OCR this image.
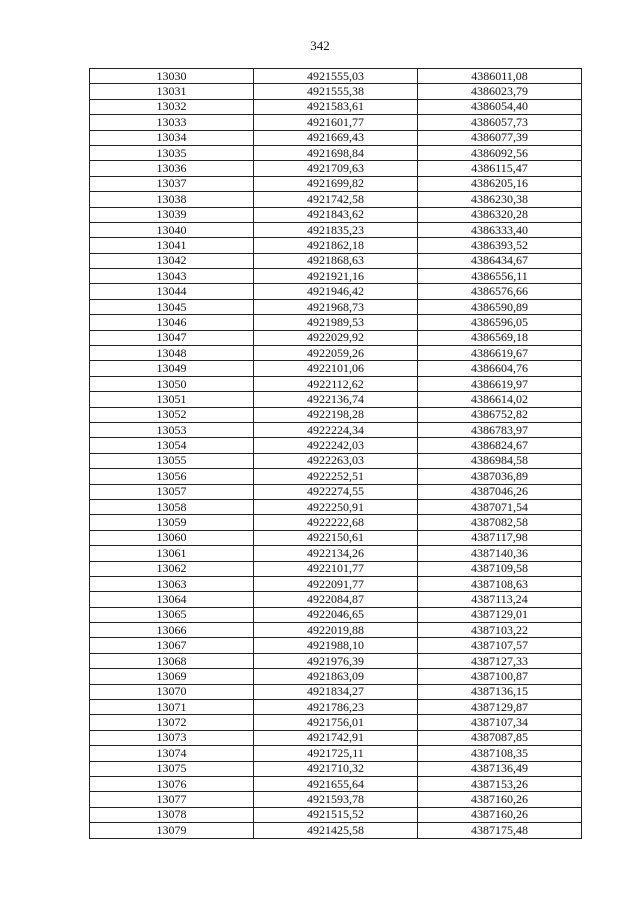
342
13030	4921555,03	4386011,08
13031	4921555,38	4386023,79
13032	4921583,61	4386054,40
13033	4921601,77	4386057,73
13034	4921669,43	4386077,39
13035	4921698,84	4386092,56
13036	4921709,63	4386115,47
13037	4921699,82	4386205,16
13038	4921742,58	4386230,38
13039	4921843,62	4386320,28
13040	4921835,23	4386333,40
13041	4921862,18	4386393,52
13042	4921868,63	4386434,67
13043	4921921,16	4386556,11
13044	4921946,42	4386576,66
13045	4921968,73	4386590,89
13046	4921989,53	4386596,05
13047	4922029,92	4386569,18
13048	4922059,26	4386619,67
13049	4922101,06	4386604,76
13050	4922112,62	4386619,97
13051	4922136,74	4386614,02
13052	4922198,28	4386752,82
13053	4922224,34	4386783,97
13054	4922242,03	4386824,67
13055	4922263,03	4386984,58
13056	4922252,51	4387036,89
13057	4922274,55	4387046,26
13058	4922250,91	4387071,54
13059	4922222,68	4387082,58
13060	4922150,61	4387117,98
13061	4922134,26	4387140,36
13062	4922101,77	4387109,58
13063	4922091,77	4387108,63
13064	4922084,87	4387113,24
13065	4922046,65	4387129,01
13066	4922019,88	4387103,22
13067	4921988,10	4387107,57
13068	4921976,39	4387127,33
13069	4921863,09	4387100,87
13070	4921834,27	4387136,15
13071	4921786,23	4387129,87
13072	4921756,01	4387107,34
13073	4921742,91	4387087,85
13074	4921725,11	4387108,35
13075	4921710,32	4387136,49
13076	4921655,64	4387153,26
13077	4921593,78	4387160,26
13078	4921515,52	4387160,26
13079	4921425,58	4387175,48
